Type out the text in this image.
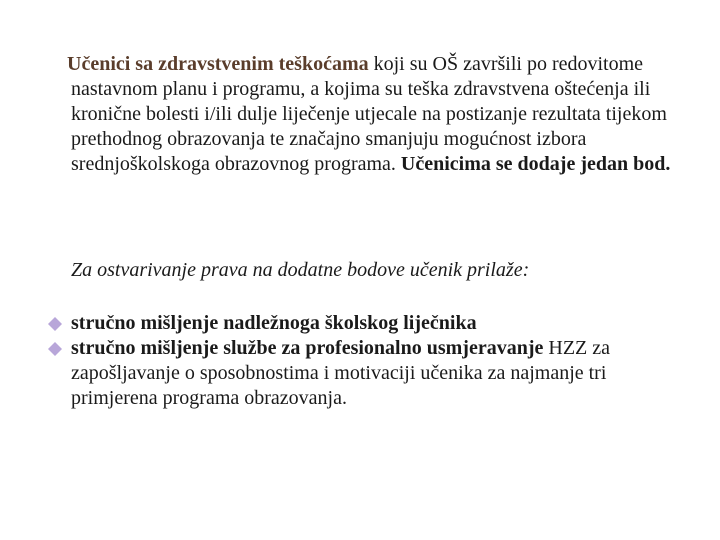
Učenici sa zdravstvenim teškoćama koji su OŠ završili po redovitome nastavnom planu i programu, a kojima su teška zdravstvena oštećenja ili kronične bolesti i/ili dulje liječenje utjecale na postizanje rezultata tijekom prethodnog obrazovanja te značajno smanjuju mogućnost izbora srednjoškolskoga obrazovnog programa. Učenicima se dodaje jedan bod.
Za ostvarivanje prava na dodatne bodove učenik prilaže:
stručno mišljenje nadležnoga školskog liječnika
stručno mišljenje službe za profesionalno usmjeravanje HZZ za zapošljavanje o sposobnostima i motivaciji učenika za najmanje tri primjerena programa obrazovanja.
